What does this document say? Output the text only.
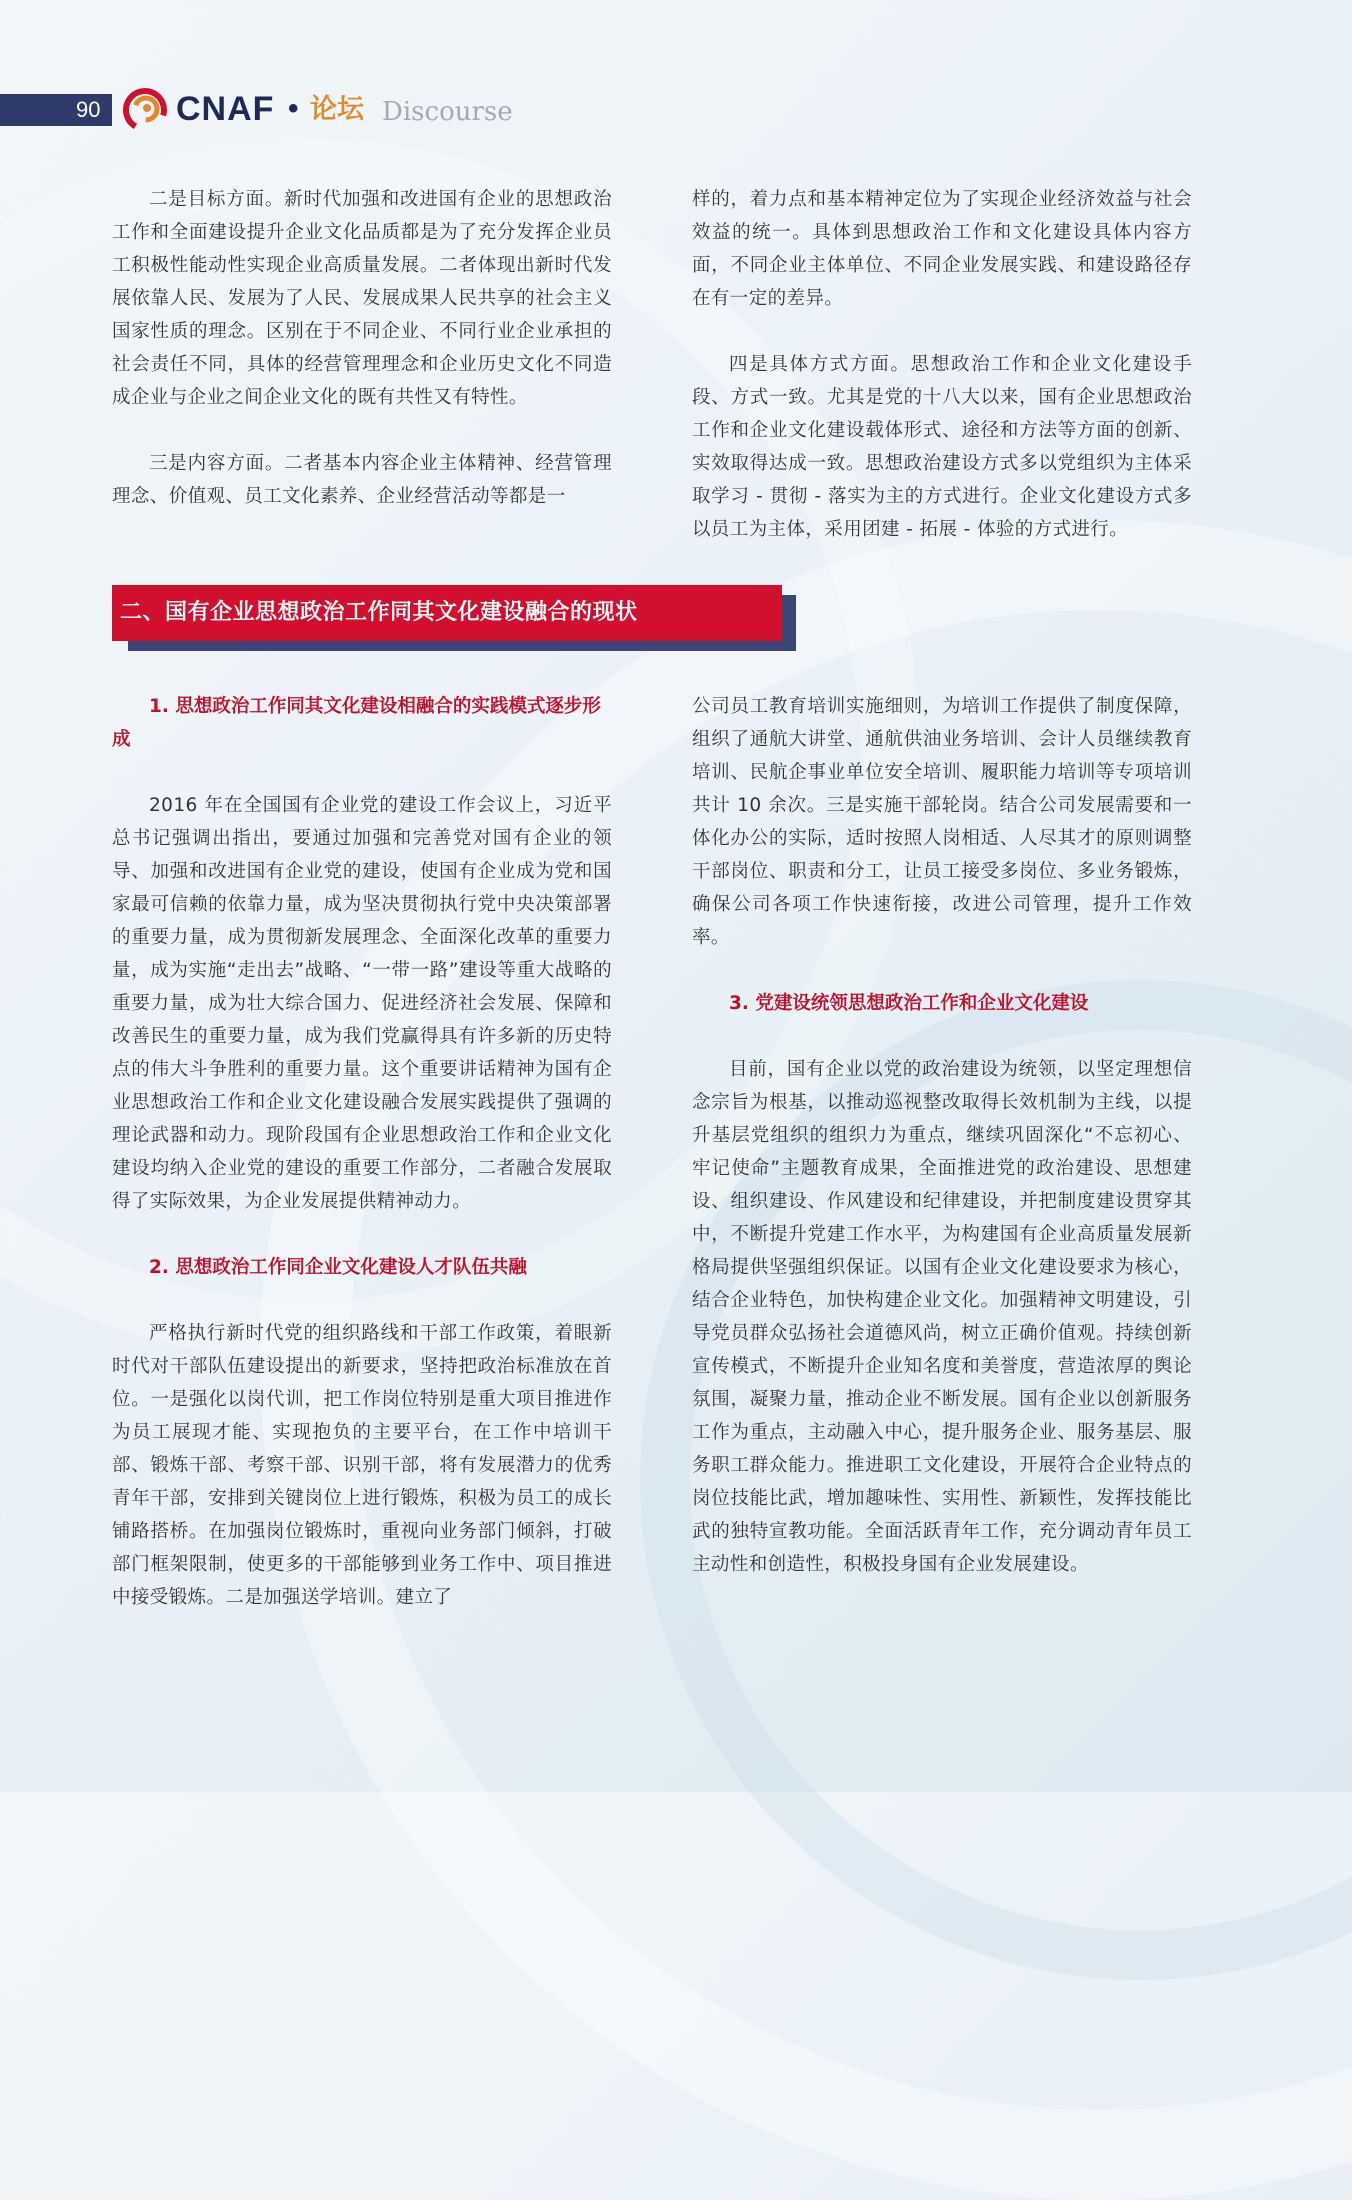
90 CNAF • 论坛 Discourse

二是目标方面。新时代加强和改进国有企业的思想政治工作和全面建设提升企业文化品质都是为了充分发挥企业员工积极性能动性实现企业高质量发展。二者体现出新时代发展依靠人民、发展为了人民、发展成果人民共享的社会主义国家性质的理念。区别在于不同企业、不同行业企业承担的社会责任不同，具体的经营管理理念和企业历史文化不同造成企业与企业之间企业文化的既有共性又有特性。

三是内容方面。二者基本内容企业主体精神、经营管理理念、价值观、员工文化素养、企业经营活动等都是一

样的，着力点和基本精神定位为了实现企业经济效益与社会效益的统一。具体到思想政治工作和文化建设具体内容方面，不同企业主体单位、不同企业发展实践、和建设路径存在有一定的差异。

四是具体方式方面。思想政治工作和企业文化建设手段、方式一致。尤其是党的十八大以来，国有企业思想政治工作和企业文化建设载体形式、途径和方法等方面的创新、实效取得达成一致。思想政治建设方式多以党组织为主体采取学习 - 贯彻 - 落实为主的方式进行。企业文化建设方式多以员工为主体，采用团建 - 拓展 - 体验的方式进行。

二、国有企业思想政治工作同其文化建设融合的现状
1. 思想政治工作同其文化建设相融合的实践模式逐步形成

2016 年在全国国有企业党的建设工作会议上，习近平总书记强调出指出，要通过加强和完善党对国有企业的领导、加强和改进国有企业党的建设，使国有企业成为党和国家最可信赖的依靠力量，成为坚决贯彻执行党中央决策部署的重要力量，成为贯彻新发展理念、全面深化改革的重要力量，成为实施“走出去”战略、“一带一路”建设等重大战略的重要力量，成为壮大综合国力、促进经济社会发展、保障和改善民生的重要力量，成为我们党赢得具有许多新的历史特点的伟大斗争胜利的重要力量。这个重要讲话精神为国有企业思想政治工作和企业文化建设融合发展实践提供了强调的理论武器和动力。现阶段国有企业思想政治工作和企业文化建设均纳入企业党的建设的重要工作部分，二者融合发展取得了实际效果，为企业发展提供精神动力。

2. 思想政治工作同企业文化建设人才队伍共融

严格执行新时代党的组织路线和干部工作政策，着眼新时代对干部队伍建设提出的新要求，坚持把政治标准放在首位。一是强化以岗代训，把工作岗位特别是重大项目推进作为员工展现才能、实现抱负的主要平台，在工作中培训干部、锻炼干部、考察干部、识别干部，将有发展潜力的优秀青年干部，安排到关键岗位上进行锻炼，积极为员工的成长铺路搭桥。在加强岗位锻炼时，重视向业务部门倾斜，打破部门框架限制，使更多的干部能够到业务工作中、项目推进中接受锻炼。二是加强送学培训。建立了

公司员工教育培训实施细则，为培训工作提供了制度保障，组织了通航大讲堂、通航供油业务培训、会计人员继续教育培训、民航企事业单位安全培训、履职能力培训等专项培训共计 10 余次。三是实施干部轮岗。结合公司发展需要和一体化办公的实际，适时按照人岗相适、人尽其才的原则调整干部岗位、职责和分工，让员工接受多岗位、多业务锻炼，确保公司各项工作快速衔接，改进公司管理，提升工作效率。

3. 党建设统领思想政治工作和企业文化建设

目前，国有企业以党的政治建设为统领，以坚定理想信念宗旨为根基，以推动巡视整改取得长效机制为主线，以提升基层党组织的组织力为重点，继续巩固深化“不忘初心、牢记使命”主题教育成果，全面推进党的政治建设、思想建设、组织建设、作风建设和纪律建设，并把制度建设贯穿其中，不断提升党建工作水平，为构建国有企业高质量发展新格局提供坚强组织保证。以国有企业文化建设要求为核心，结合企业特色，加快构建企业文化。加强精神文明建设，引导党员群众弘扬社会道德风尚，树立正确价值观。持续创新宣传模式，不断提升企业知名度和美誉度，营造浓厚的舆论氛围，凝聚力量，推动企业不断发展。国有企业以创新服务工作为重点，主动融入中心，提升服务企业、服务基层、服务职工群众能力。推进职工文化建设，开展符合企业特点的岗位技能比武，增加趣味性、实用性、新颖性，发挥技能比武的独特宣教功能。全面活跃青年工作，充分调动青年员工主动性和创造性，积极投身国有企业发展建设。
